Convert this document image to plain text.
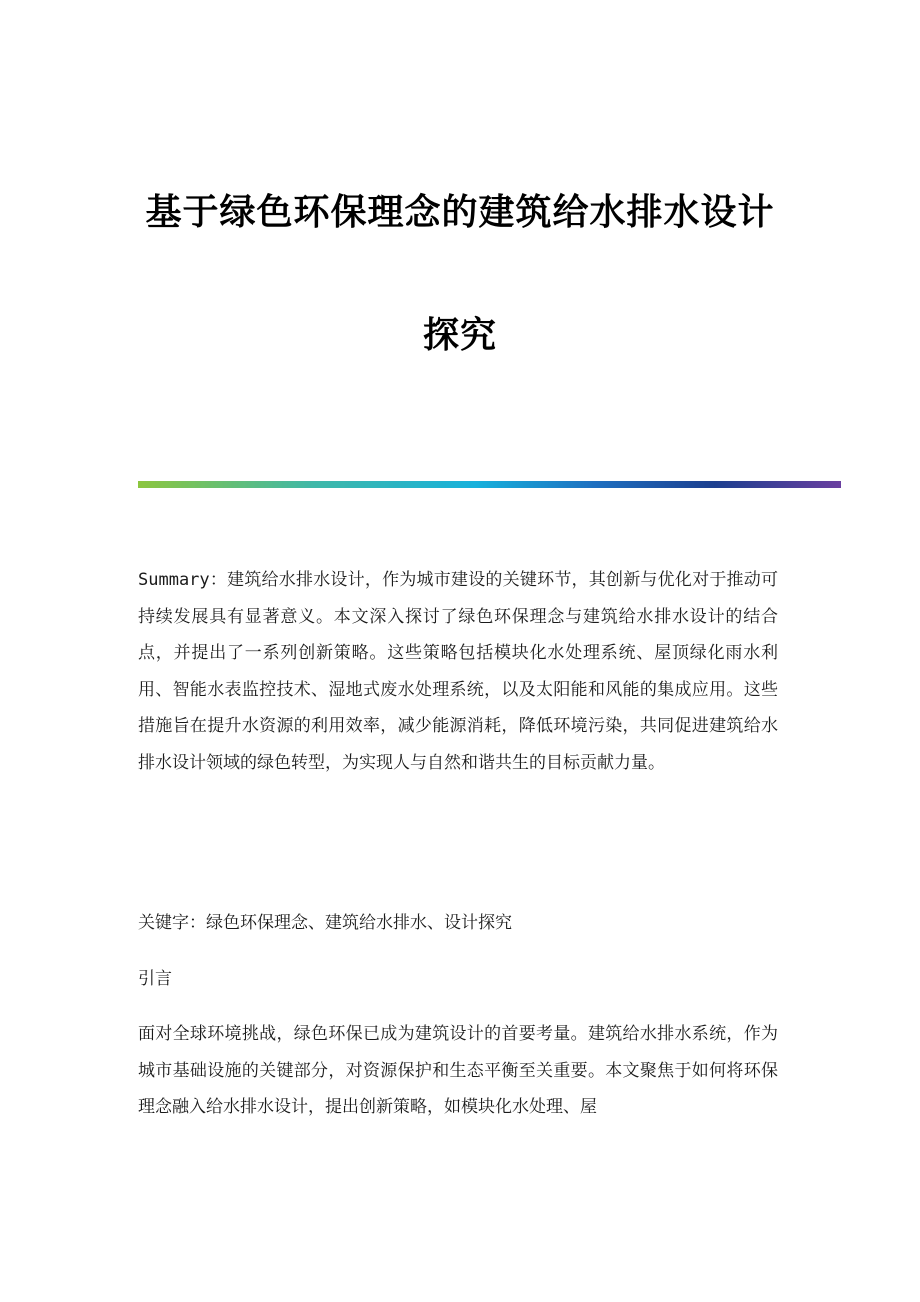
基于绿色环保理念的建筑给水排水设计
探究

Summary：建筑给水排水设计，作为城市建设的关键环节，其创新与优化对于推动可持续发展具有显著意义。本文深入探讨了绿色环保理念与建筑给水排水设计的结合点，并提出了一系列创新策略。这些策略包括模块化水处理系统、屋顶绿化雨水利用、智能水表监控技术、湿地式废水处理系统，以及太阳能和风能的集成应用。这些措施旨在提升水资源的利用效率，减少能源消耗，降低环境污染，共同促进建筑给水排水设计领域的绿色转型，为实现人与自然和谐共生的目标贡献力量。

关键字：绿色环保理念、建筑给水排水、设计探究

引言

面对全球环境挑战，绿色环保已成为建筑设计的首要考量。建筑给水排水系统，作为城市基础设施的关键部分，对资源保护和生态平衡至关重要。本文聚焦于如何将环保理念融入给水排水设计，提出创新策略，如模块化水处理、屋
